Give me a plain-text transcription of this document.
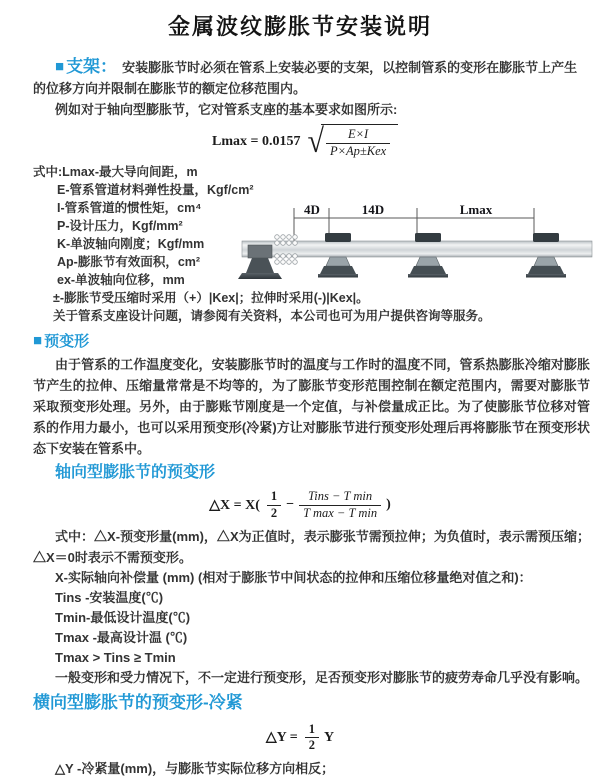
金属波纹膨胀节安装说明

■ 支架： 安装膨胀节时必须在管系上安装必要的支架，以控制管系的变形在膨胀节上产生的位移方向并限制在膨胀节的额定位移范围内。

例如对于轴向型膨胀节，它对管系支座的基本要求如图所示:

Lmax = 0.0157 √ $\frac{E\times I}{\text{P×Ap±Kex}}$
式中:Lmax-最大导向间距，m
E-管系管道材料弹性投量，Kgf/cm²
I-管系管道的惯性矩，cm⁴
P-设计压力，Kgf/mm²
K-单波轴向刚度；Kgf/mm
Ap-膨胀节有效面积，cm²
ex-单波轴向位移，mm
±-膨胀节受压缩时采用（+）|Kex|；拉伸时采用(-)|Kex|。
关于管系支座设计问题，请参阅有关资料，本公司也可为用户提供咨询等服务。
4D	14D	Lmax

■ 预变形

由于管系的工作温度变化，安装膨胀节时的温度与工作时的温度不同，管系热膨胀冷缩对膨胀节产生的拉伸、压缩量常常是不均等的，为了膨胀节变形范围控制在额定范围内，需要对膨胀节采取预变形处理。另外，由于膨账节刚度是一个定值，与补偿量成正比。为了使膨胀节位移对管系的作用力最小，也可以采用预变形(冷紧)方让对膨胀节进行预变形处理后再将膨胀节在预变形状态下安装在管系中。

轴向型膨胀节的预变形
△X = $X( \frac{1}{2} - \frac{\text{Tins − T min}}{\text{T max − T min}}$ )

式中：△X-预变形量(mm)，△X为正值时，表示膨张节需预拉伸；为负值时，表示需预压缩；△X＝0时表示不需预变形。

X-实际轴向补偿量 (mm) (相对于膨胀节中间状态的拉伸和压缩位移量绝对值之和)：
Tins -安装温度(℃)
Tmin-最低设计温度(℃)
Tmax -最高设计温 (℃)
Tmax > Tins ≥ Tmin
一般变形和受力情况下，不一定进行预变形，足否预变形对膨胀节的疲劳寿命几乎没有影响。
横向型膨胀节的预变形-冷紧
△Y = $\frac{1}{2}$ Y
△Y -冷紧量(mm)，与膨胀节实际位移方向相反；
